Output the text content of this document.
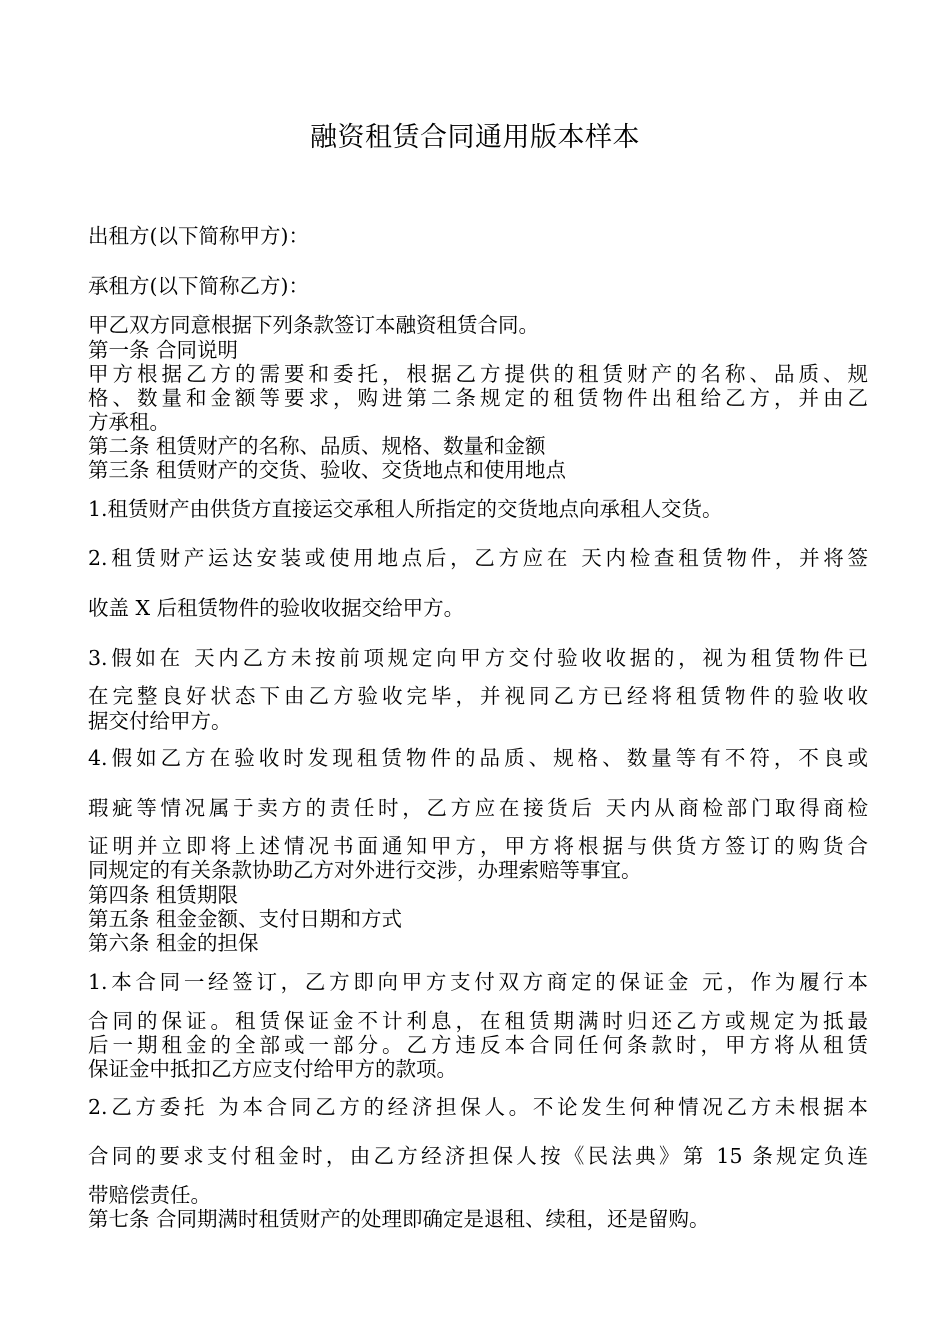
融资租赁合同通用版本样本
出租方(以下简称甲方)：
承租方(以下简称乙方)：
甲乙双方同意根据下列条款签订本融资租赁合同。
第一条 合同说明
甲方根据乙方的需要和委托，根据乙方提供的租赁财产的名称、品质、规
格、数量和金额等要求，购进第二条规定的租赁物件出租给乙方，并由乙
方承租。
第二条 租赁财产的名称、品质、规格、数量和金额
第三条 租赁财产的交货、验收、交货地点和使用地点
1.租赁财产由供货方直接运交承租人所指定的交货地点向承租人交货。
2.租赁财产运达安装或使用地点后，乙方应在 天内检查租赁物件，并将签
收盖 X 后租赁物件的验收收据交给甲方。
3.假如在 天内乙方未按前项规定向甲方交付验收收据的，视为租赁物件已
在完整良好状态下由乙方验收完毕，并视同乙方已经将租赁物件的验收收
据交付给甲方。
4.假如乙方在验收时发现租赁物件的品质、规格、数量等有不符，不良或
瑕疵等情况属于卖方的责任时，乙方应在接货后 天内从商检部门取得商检
证明并立即将上述情况书面通知甲方，甲方将根据与供货方签订的购货合
同规定的有关条款协助乙方对外进行交涉，办理索赔等事宜。
第四条 租赁期限
第五条 租金金额、支付日期和方式
第六条 租金的担保
1.本合同一经签订，乙方即向甲方支付双方商定的保证金 元，作为履行本
合同的保证。租赁保证金不计利息，在租赁期满时归还乙方或规定为抵最
后一期租金的全部或一部分。乙方违反本合同任何条款时，甲方将从租赁
保证金中抵扣乙方应支付给甲方的款项。
2.乙方委托 为本合同乙方的经济担保人。不论发生何种情况乙方未根据本
合同的要求支付租金时，由乙方经济担保人按《民法典》第 15 条规定负连
带赔偿责任。
第七条 合同期满时租赁财产的处理即确定是退租、续租，还是留购。
